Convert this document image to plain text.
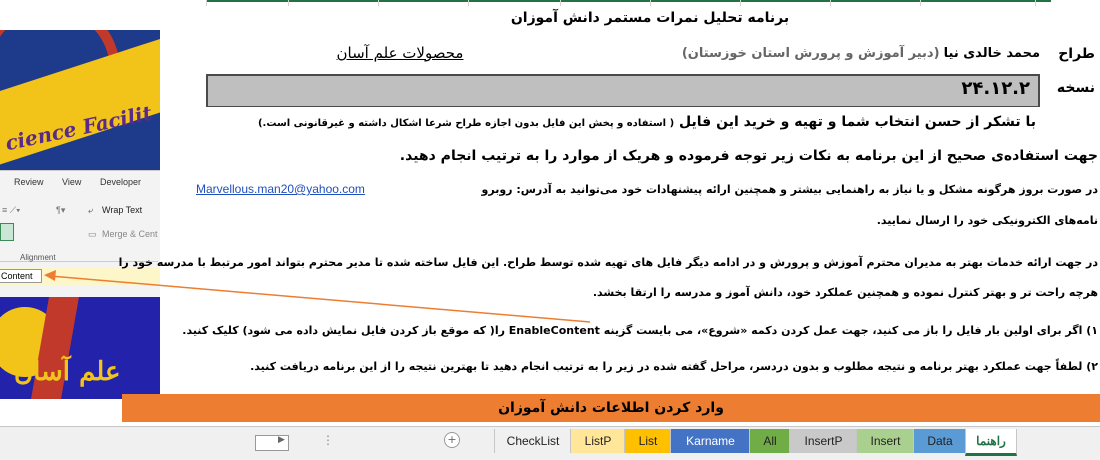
cience Facilit
Review View Developer
≡ ⟋▾	¶▾	⤶ Wrap Text
▭ Merge & Cent
Alignment
Content
علم آسان
برنامه تحلیل نمرات مستمر دانش آموزان
طراح
محمد خالدی نیا (دبیر آموزش و پرورش استان خوزستان)
محصولات علم آسان
نسخه
۲۴.۱۲.۲
با تشکر از حسن انتخاب شما و تهیه و خرید این فایل ( استفاده و پخش این فایل بدون اجازه طراح شرعا اشکال داشته و غیرقانونی است.)
جهت استفاده‌ی صحیح از این برنامه به نکات زیر توجه فرموده و هریک از موارد را به ترتیب انجام دهید.
در صورت بروز هرگونه مشکل و یا نیاز به راهنمایی بیشتر و همچنین ارائه پیشنهادات خود می‌توانید به آدرس: روبرو
Marvellous.man20@yahoo.com
نامه‌های الکترونیکی خود را ارسال نمایید.
در جهت ارائه خدمات بهتر به مدیران محترم آموزش و پرورش و در ادامه دیگر فایل های تهیه شده توسط طراح. این فایل ساخته شده تا مدیر محترم بتواند امور مرتبط با مدرسه خود را
هرچه راحت تر و بهتر کنترل نموده و همچنین عملکرد خود، دانش آموز و مدرسه را ارتقا بخشد.
۱) اگر برای اولین بار فایل را باز می کنید، جهت عمل کردن دکمه «شروع»، می بایست گزینه EnableContent را( که موقع باز کردن فایل نمایش داده می شود) کلیک کنید.
۲) لطفاً جهت عملکرد بهتر برنامه و نتیجه مطلوب و بدون دردسر، مراحل گفته شده در زیر را به ترتیب انجام دهید تا بهترین نتیجه را از این برنامه دریافت کنید.
وارد کردن اطلاعات دانش آموزان
▶	⋮	+	CheckList	ListP	List	Karname	All	InsertP	Insert	Data	راهنما
